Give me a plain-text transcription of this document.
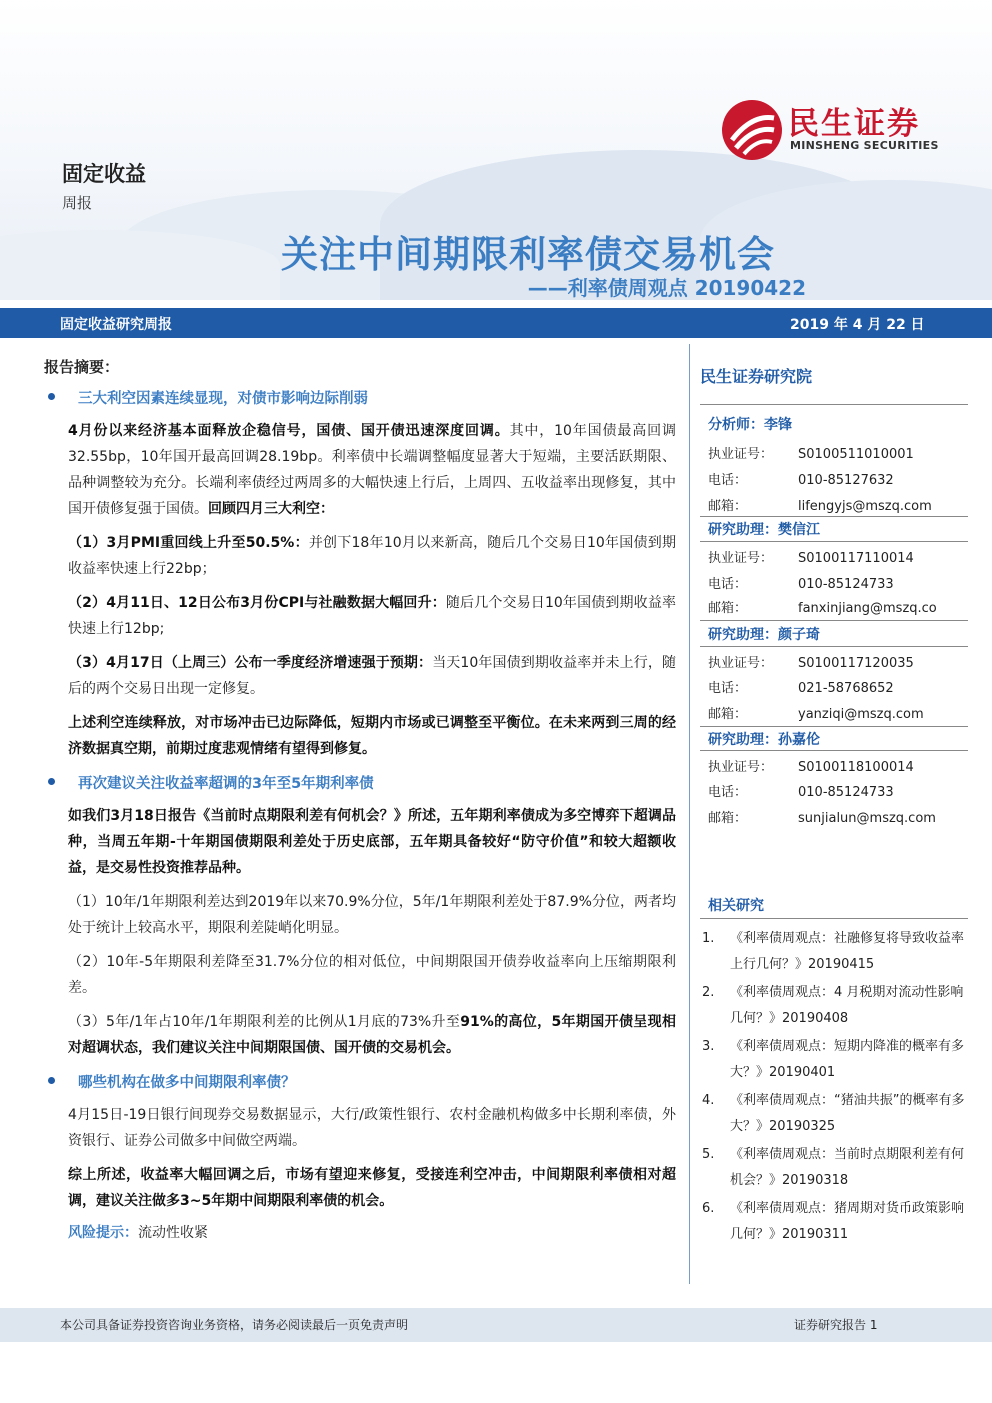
民生证券
MINSHENG SECURITIES
固定收益
周报
关注中间期限利率债交易机会
——利率债周观点 20190422
固定收益研究周报	2019 年 4 月 22 日
报告摘要：
三大利空因素连续显现，对债市影响边际削弱

4月份以来经济基本面释放企稳信号，国债、国开债迅速深度回调。其中，10年国债最高回调32.55bp，10年国开最高回调28.19bp。利率债中长端调整幅度显著大于短端，主要活跃期限、品种调整较为充分。长端利率债经过两周多的大幅快速上行后，上周四、五收益率出现修复，其中国开债修复强于国债。回顾四月三大利空：

（1）3月PMI重回线上升至50.5%：并创下18年10月以来新高，随后几个交易日10年国债到期收益率快速上行22bp；

（2）4月11日、12日公布3月份CPI与社融数据大幅回升：随后几个交易日10年国债到期收益率快速上行12bp;

（3）4月17日（上周三）公布一季度经济增速强于预期：当天10年国债到期收益率并未上行，随后的两个交易日出现一定修复。

上述利空连续释放，对市场冲击已边际降低，短期内市场或已调整至平衡位。在未来两到三周的经济数据真空期，前期过度悲观情绪有望得到修复。

再次建议关注收益率超调的3年至5年期利率债

如我们3月18日报告《当前时点期限利差有何机会？》所述，五年期利率债成为多空博弈下超调品种，当周五年期-十年期国债期限利差处于历史底部，五年期具备较好“防守价值”和较大超额收益，是交易性投资推荐品种。

（1）10年/1年期限利差达到2019年以来70.9%分位，5年/1年期限利差处于87.9%分位，两者均处于统计上较高水平，期限利差陡峭化明显。

（2）10年-5年期限利差降至31.7%分位的相对低位，中间期限国开债券收益率向上压缩期限利差。

（3）5年/1年占10年/1年期限利差的比例从1月底的73%升至91%的高位，5年期国开债呈现相对超调状态，我们建议关注中间期限国债、国开债的交易机会。

哪些机构在做多中间期限利率债？

4月15日-19日银行间现券交易数据显示，大行/政策性银行、农村金融机构做多中长期利率债，外资银行、证券公司做多中间做空两端。

综上所述，收益率大幅回调之后，市场有望迎来修复，受接连利空冲击，中间期限利率债相对超调，建议关注做多3~5年期中间期限利率债的机会。

风险提示：流动性收紧
民生证券研究院
分析师：李锋
执业证号： S0100511010001
电话：	010-85127632
邮箱：	lifengyjs@mszq.com
研究助理：樊信江
执业证号： S0100117110014
电话：	010-85124733
邮箱：	fanxinjiang@mszq.co
研究助理：颜子琦
执业证号： S0100117120035
电话：	021-58768652
邮箱：	yanziqi@mszq.com
研究助理：孙嘉伦
执业证号： S0100118100014
电话：	010-85124733
邮箱：	sunjialun@mszq.com
相关研究
1. 《利率债周观点：社融修复将导致收益率上行几何？》20190415
2. 《利率债周观点：4 月税期对流动性影响几何？》20190408
3. 《利率债周观点：短期内降准的概率有多大？》20190401
4. 《利率债周观点：“猪油共振”的概率有多大？》20190325
5. 《利率债周观点：当前时点期限利差有何机会？》20190318
6. 《利率债周观点：猪周期对货币政策影响几何？》20190311
本公司具备证券投资咨询业务资格，请务必阅读最后一页免责声明	证券研究报告 1
